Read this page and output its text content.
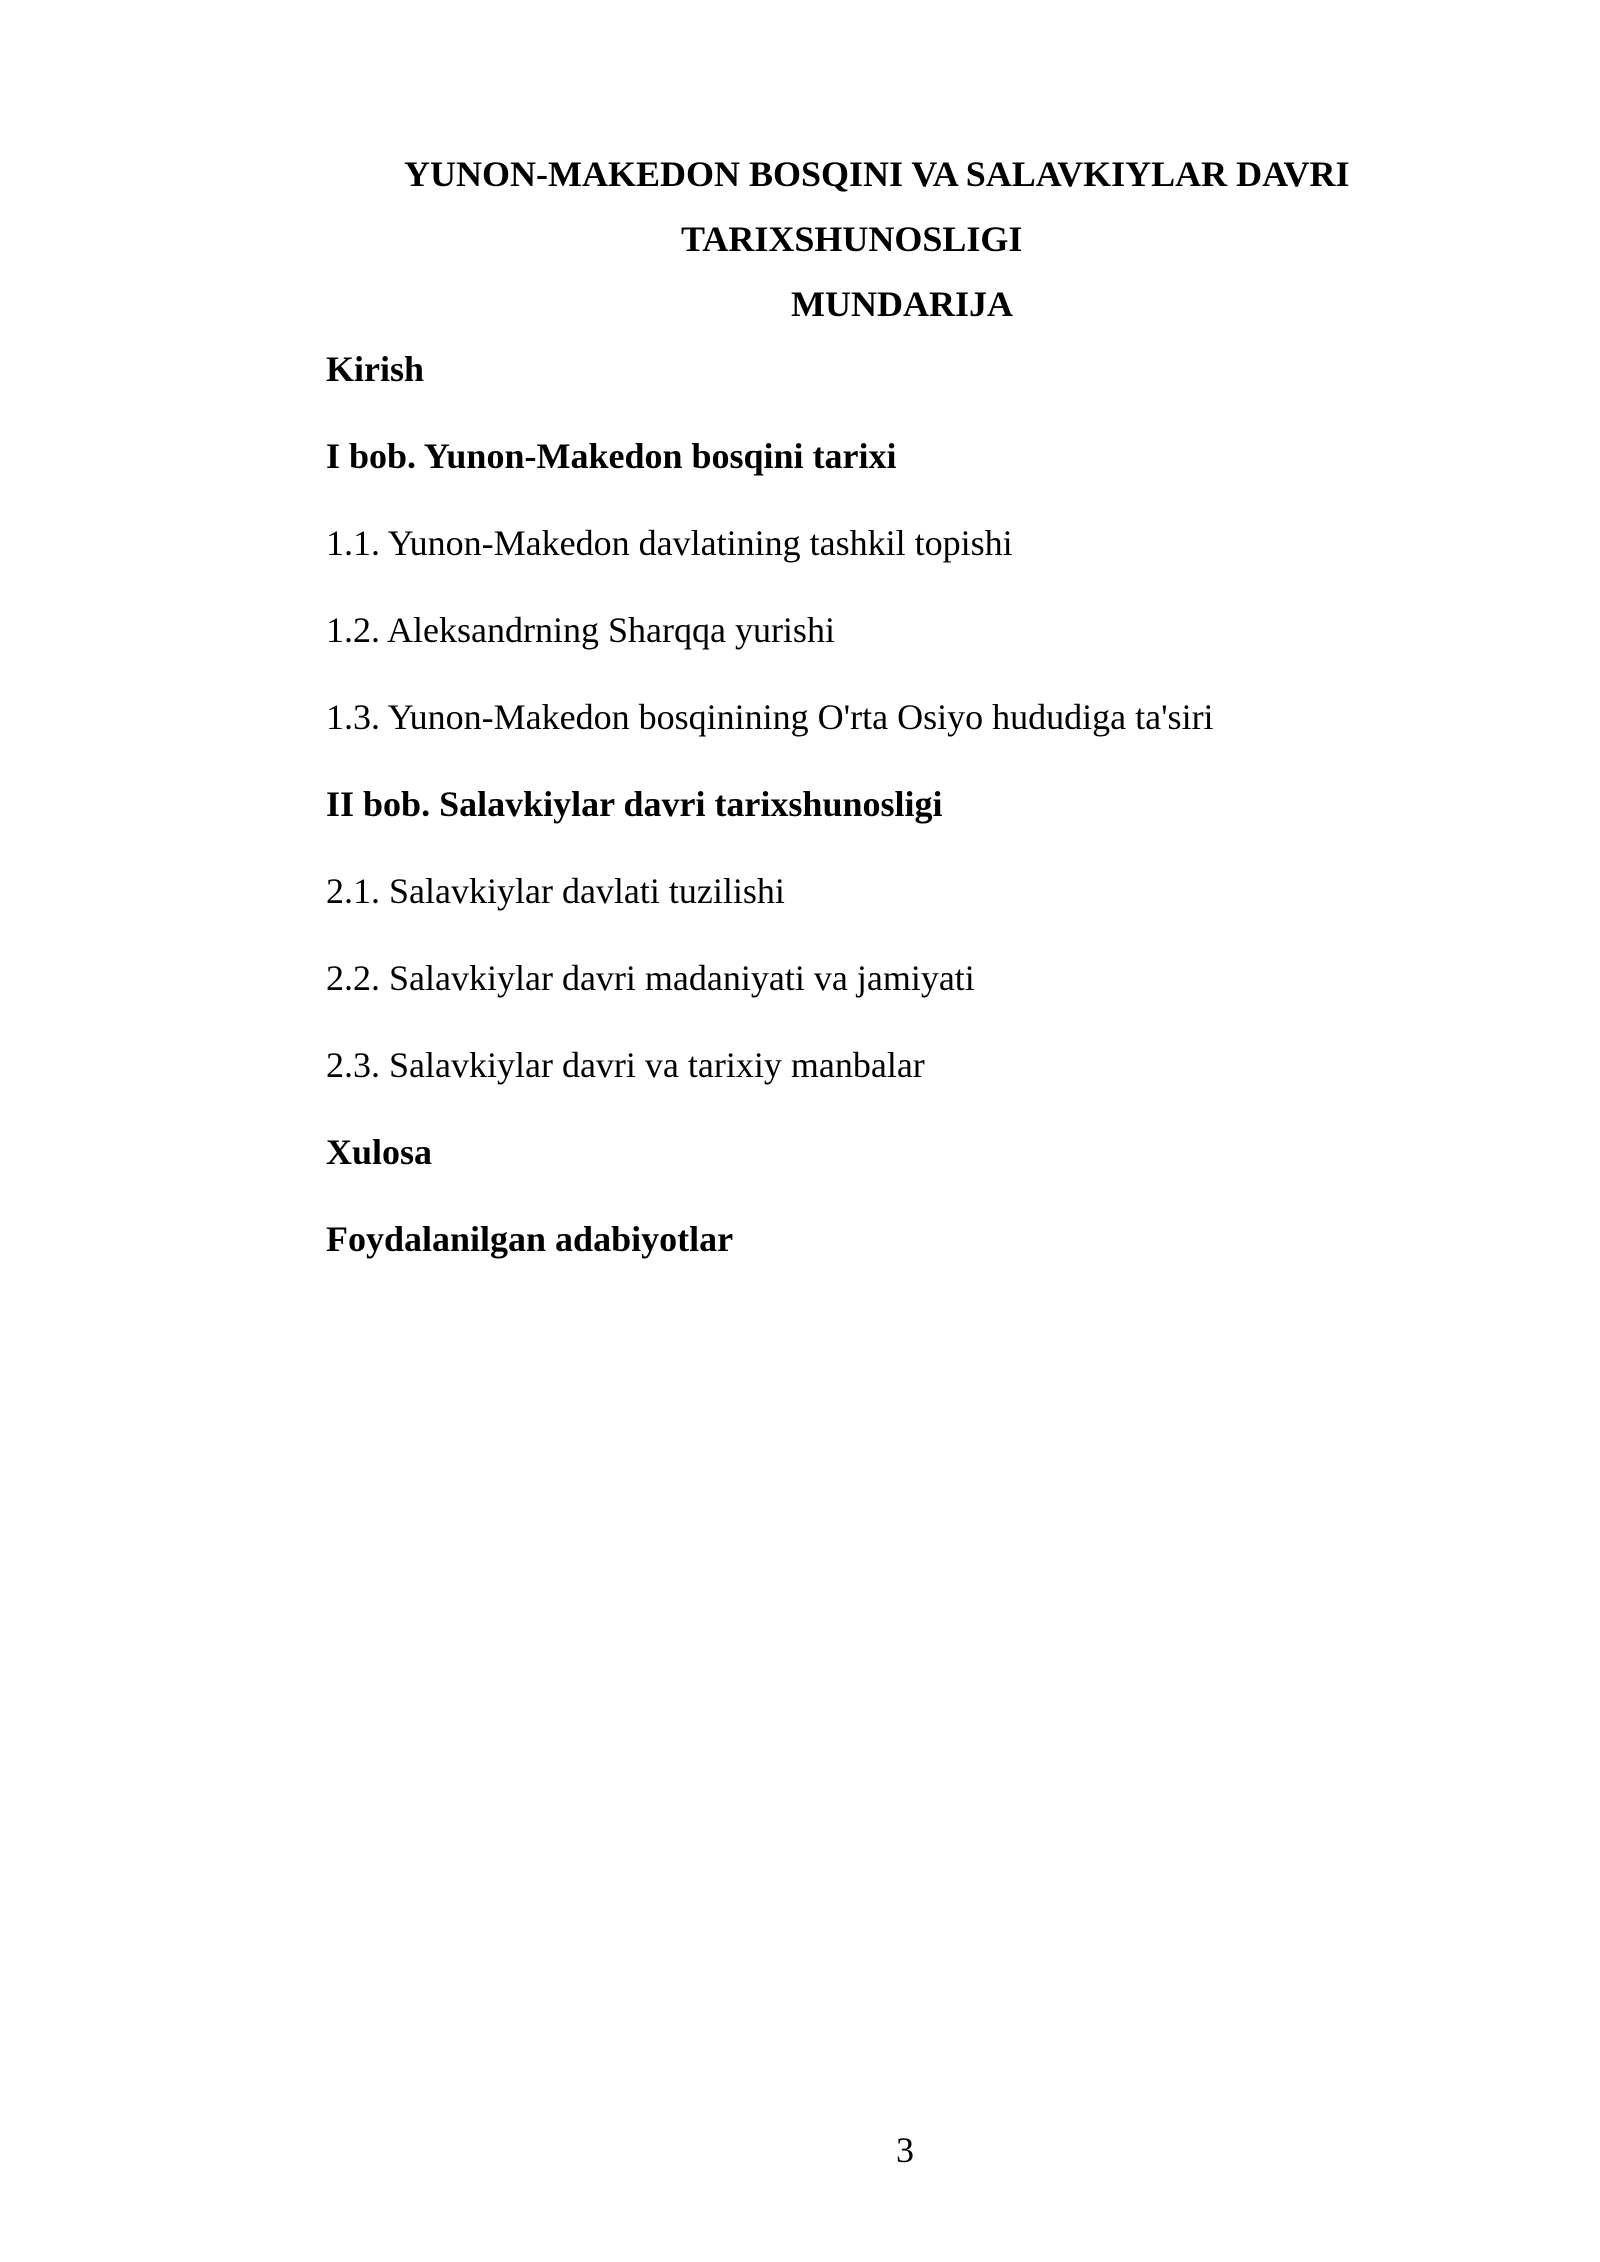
YUNON-MAKEDON BOSQINI VA SALAVKIYLAR DAVRI
TARIXSHUNOSLIGI
MUNDARIJA
Kirish
I bob. Yunon-Makedon bosqini tarixi
1.1. Yunon-Makedon davlatining tashkil topishi
1.2. Aleksandrning Sharqqa yurishi
1.3. Yunon-Makedon bosqinining O'rta Osiyo hududiga ta'siri
II bob. Salavkiylar davri tarixshunosligi
2.1. Salavkiylar davlati tuzilishi
2.2. Salavkiylar davri madaniyati va jamiyati
2.3. Salavkiylar davri va tarixiy manbalar
Xulosa
Foydalanilgan adabiyotlar
3
